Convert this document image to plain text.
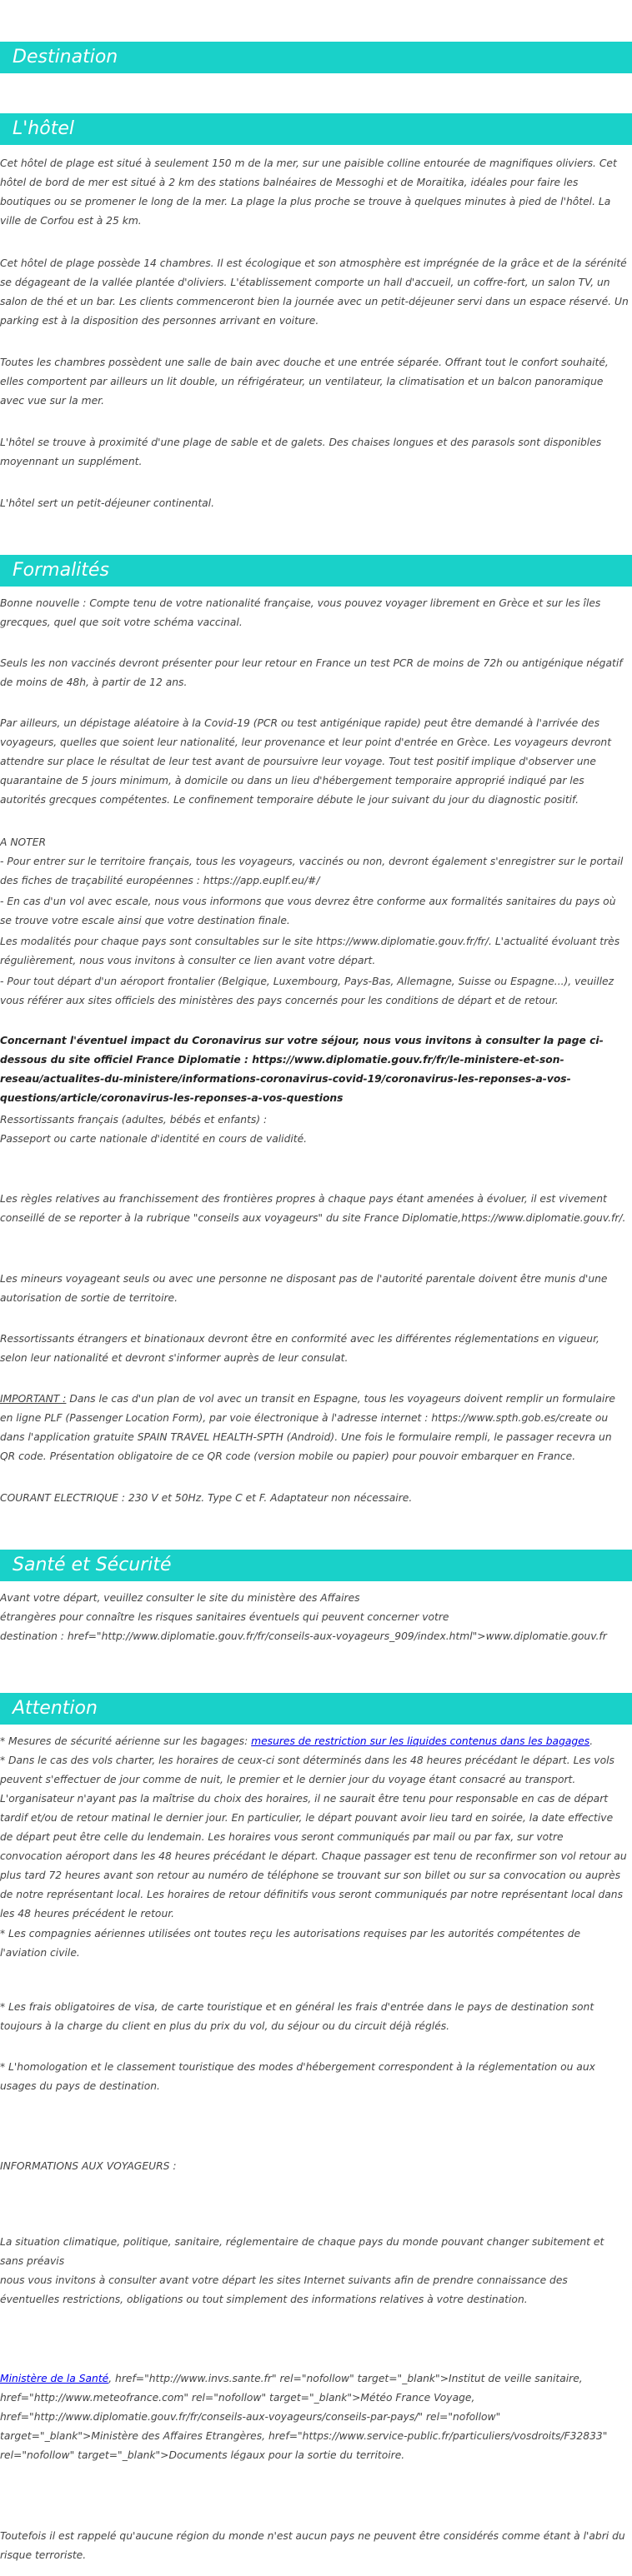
Destination
L'hôtel

Cet hôtel de plage est situé à seulement 150 m de la mer, sur une paisible colline entourée de magnifiques oliviers. Cet hôtel de bord de mer est situé à 2 km des stations balnéaires de Messoghi et de Moraitika, idéales pour faire les boutiques ou se promener le long de la mer. La plage la plus proche se trouve à quelques minutes à pied de l'hôtel. La ville de Corfou est à 25 km.

Cet hôtel de plage possède 14 chambres. Il est écologique et son atmosphère est imprégnée de la grâce et de la sérénité se dégageant de la vallée plantée d'oliviers. L'établissement comporte un hall d'accueil, un coffre-fort, un salon TV, un salon de thé et un bar. Les clients commenceront bien la journée avec un petit-déjeuner servi dans un espace réservé. Un parking est à la disposition des personnes arrivant en voiture.

Toutes les chambres possèdent une salle de bain avec douche et une entrée séparée. Offrant tout le confort souhaité, elles comportent par ailleurs un lit double, un réfrigérateur, un ventilateur, la climatisation et un balcon panoramique avec vue sur la mer.

L'hôtel se trouve à proximité d'une plage de sable et de galets. Des chaises longues et des parasols sont disponibles moyennant un supplément.

L'hôtel sert un petit-déjeuner continental.

Formalités

Bonne nouvelle : Compte tenu de votre nationalité française, vous pouvez voyager librement en Grèce et sur les îles grecques, quel que soit votre schéma vaccinal.

Seuls les non vaccinés devront présenter pour leur retour en France un test PCR de moins de 72h ou antigénique négatif de moins de 48h, à partir de 12 ans.

Par ailleurs, un dépistage aléatoire à la Covid-19 (PCR ou test antigénique rapide) peut être demandé à l'arrivée des voyageurs, quelles que soient leur nationalité, leur provenance et leur point d'entrée en Grèce. Les voyageurs devront attendre sur place le résultat de leur test avant de poursuivre leur voyage. Tout test positif implique d'observer une quarantaine de 5 jours minimum, à domicile ou dans un lieu d'hébergement temporaire approprié indiqué par les autorités grecques compétentes. Le confinement temporaire débute le jour suivant du jour du diagnostic positif.

A NOTER

- Pour entrer sur le territoire français, tous les voyageurs, vaccinés ou non, devront également s'enregistrer sur le portail des fiches de traçabilité européennes : https://app.euplf.eu/#/

- En cas d'un vol avec escale, nous vous informons que vous devrez être conforme aux formalités sanitaires du pays où se trouve votre escale ainsi que votre destination finale.

Les modalités pour chaque pays sont consultables sur le site https://www.diplomatie.gouv.fr/fr/. L'actualité évoluant très régulièrement, nous vous invitons à consulter ce lien avant votre départ.

- Pour tout départ d'un aéroport frontalier (Belgique, Luxembourg, Pays-Bas, Allemagne, Suisse ou Espagne...), veuillez vous référer aux sites officiels des ministères des pays concernés pour les conditions de départ et de retour.

Concernant l'éventuel impact du Coronavirus sur votre séjour, nous vous invitons à consulter la page ci-dessous du site officiel France Diplomatie : https://www.diplomatie.gouv.fr/fr/le-ministere-et-son-reseau/actualites-du-ministere/informations-coronavirus-covid-19/coronavirus-les-reponses-a-vos-questions/article/coronavirus-les-reponses-a-vos-questions

Ressortissants français (adultes, bébés et enfants) :

Passeport ou carte nationale d'identité en cours de validité.

Les règles relatives au franchissement des frontières propres à chaque pays étant amenées à évoluer, il est vivement conseillé de se reporter à la rubrique "conseils aux voyageurs" du site France Diplomatie,https://www.diplomatie.gouv.fr/.

Les mineurs voyageant seuls ou avec une personne ne disposant pas de l'autorité parentale doivent être munis d'une autorisation de sortie de territoire.

Ressortissants étrangers et binationaux devront être en conformité avec les différentes réglementations en vigueur, selon leur nationalité et devront s'informer auprès de leur consulat.

IMPORTANT : Dans le cas d'un plan de vol avec un transit en Espagne, tous les voyageurs doivent remplir un formulaire en ligne PLF (Passenger Location Form), par voie électronique à l'adresse internet : https://www.spth.gob.es/create ou dans l'application gratuite SPAIN TRAVEL HEALTH-SPTH (Android). Une fois le formulaire rempli, le passager recevra un QR code. Présentation obligatoire de ce QR code (version mobile ou papier) pour pouvoir embarquer en France.

COURANT ELECTRIQUE : 230 V et 50Hz. Type C et F. Adaptateur non nécessaire.

Santé et Sécurité

Avant votre départ, veuillez consulter le site du ministère des Affaires

étrangères pour connaître les risques sanitaires éventuels qui peuvent concerner votre

destination : href="http://www.diplomatie.gouv.fr/fr/conseils-aux-voyageurs_909/index.html">www.diplomatie.gouv.fr

Attention

* Mesures de sécurité aérienne sur les bagages: mesures de restriction sur les liquides contenus dans les bagages.

* Dans le cas des vols charter, les horaires de ceux-ci sont déterminés dans les 48 heures précédant le départ. Les vols peuvent s'effectuer de jour comme de nuit, le premier et le dernier jour du voyage étant consacré au transport. L'organisateur n'ayant pas la maîtrise du choix des horaires, il ne saurait être tenu pour responsable en cas de départ tardif et/ou de retour matinal le dernier jour. En particulier, le départ pouvant avoir lieu tard en soirée, la date effective de départ peut être celle du lendemain. Les horaires vous seront communiqués par mail ou par fax, sur votre convocation aéroport dans les 48 heures précédant le départ. Chaque passager est tenu de reconfirmer son vol retour au plus tard 72 heures avant son retour au numéro de téléphone se trouvant sur son billet ou sur sa convocation ou auprès de notre représentant local. Les horaires de retour définitifs vous seront communiqués par notre représentant local dans les 48 heures précédent le retour.

* Les compagnies aériennes utilisées ont toutes reçu les autorisations requises par les autorités compétentes de l'aviation civile.

* Les frais obligatoires de visa, de carte touristique et en général les frais d'entrée dans le pays de destination sont toujours à la charge du client en plus du prix du vol, du séjour ou du circuit déjà réglés.

* L'homologation et le classement touristique des modes d'hébergement correspondent à la réglementation ou aux usages du pays de destination.

INFORMATIONS AUX VOYAGEURS :

La situation climatique, politique, sanitaire, réglementaire de chaque pays du monde pouvant changer subitement et sans préavis

nous vous invitons à consulter avant votre départ les sites Internet suivants afin de prendre connaissance des éventuelles restrictions, obligations ou tout simplement des informations relatives à votre destination.

Ministère de la Santé, href="http://www.invs.sante.fr" rel="nofollow" target="_blank">Institut de veille sanitaire, href="http://www.meteofrance.com" rel="nofollow" target="_blank">Météo France Voyage, href="http://www.diplomatie.gouv.fr/fr/conseils-aux-voyageurs/conseils-par-pays/" rel="nofollow" target="_blank">Ministère des Affaires Etrangères, href="https://www.service-public.fr/particuliers/vosdroits/F32833" rel="nofollow" target="_blank">Documents légaux pour la sortie du territoire.

Toutefois il est rappelé qu'aucune région du monde n'est aucun pays ne peuvent être considérés comme étant à l'abri du risque terroriste.
